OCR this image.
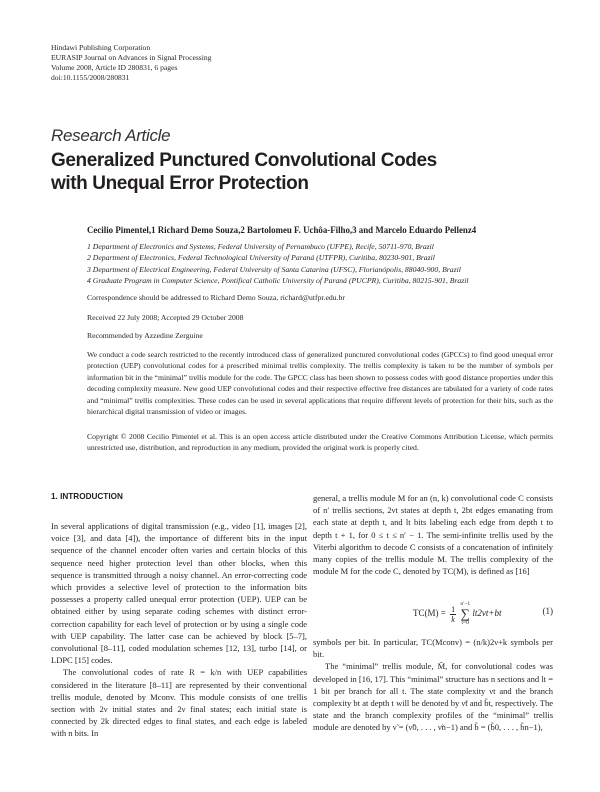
Hindawi Publishing Corporation
EURASIP Journal on Advances in Signal Processing
Volume 2008, Article ID 280831, 6 pages
doi:10.1155/2008/280831
Research Article
Generalized Punctured Convolutional Codes with Unequal Error Protection
Cecilio Pimentel,1 Richard Demo Souza,2 Bartolomeu F. Uchôa-Filho,3 and Marcelo Eduardo Pellenz4
1 Department of Electronics and Systems, Federal University of Pernambuco (UFPE), Recife, 50711-970, Brazil
2 Department of Electronics, Federal Technological University of Paraná (UTFPR), Curitiba, 80230-901, Brazil
3 Department of Electrical Engineering, Federal University of Santa Catarina (UFSC), Florianópolis, 88040-900, Brazil
4 Graduate Program in Computer Science, Pontifical Catholic University of Paraná (PUCPR), Curitiba, 80215-901, Brazil
Correspondence should be addressed to Richard Demo Souza, richard@utfpr.edu.br
Received 22 July 2008; Accepted 29 October 2008
Recommended by Azzedine Zerguine

We conduct a code search restricted to the recently introduced class of generalized punctured convolutional codes (GPCCs) to find good unequal error protection (UEP) convolutional codes for a prescribed minimal trellis complexity. The trellis complexity is taken to be the number of symbols per information bit in the “minimal” trellis module for the code. The GPCC class has been shown to possess codes with good distance properties under this decoding complexity measure. New good UEP convolutional codes and their respective effective free distances are tabulated for a variety of code rates and “minimal” trellis complexities. These codes can be used in several applications that require different levels of protection for their bits, such as the hierarchical digital transmission of video or images.

Copyright © 2008 Cecilio Pimentel et al. This is an open access article distributed under the Creative Commons Attribution License, which permits unrestricted use, distribution, and reproduction in any medium, provided the original work is properly cited.

1. INTRODUCTION

In several applications of digital transmission (e.g., video [1], images [2], voice [3], and data [4]), the importance of different bits in the input sequence of the channel encoder often varies and certain blocks of this sequence need higher protection level than other blocks, when this sequence is transmitted through a noisy channel. An error-correcting code which provides a selective level of protection to the information bits possesses a property called unequal error protection (UEP). UEP can be obtained either by using separate coding schemes with distinct error-correction capability for each level of protection or by using a single code with UEP capability. The latter case can be achieved by block [5–7], convolutional [8–11], coded modulation schemes [12, 13], turbo [14], or LDPC [15] codes.

The convolutional codes of rate R = k/n with UEP capabilities considered in the literature [8–11] are represented by their conventional trellis module, denoted by Mconv. This module consists of one trellis section with 2ν initial states and 2ν final states; each initial state is connected by 2k directed edges to final states, and each edge is labeled with n bits. In

general, a trellis module M for an (n, k) convolutional code C consists of n′ trellis sections, 2νt states at depth t, 2bt edges emanating from each state at depth t, and lt bits labeling each edge from depth t to depth t + 1, for 0 ≤ t ≤ n′ − 1. The semi-infinite trellis used by the Viterbi algorithm to decode C consists of a concatenation of infinitely many copies of the trellis module M. The trellis complexity of the module M for the code C, denoted by TC(M), is defined as [16]

$TC(M) = \frac{1}{k}$

n′−1
∑
t=0
lt2νt+bt	(1)

symbols per bit. In particular, TC(Mconv) = (n/k)2ν+k symbols per bit.

The “minimal” trellis module, M̃, for convolutional codes was developed in [16, 17]. This “minimal” structure has n sections and lt = 1 bit per branch for all t. The state complexity νt and the branch complexity bt at depth t will be denoted by ν̃t and b̃t, respectively. The state and the branch complexity profiles of the “minimal” trellis module are denoted by ν̃ = (ν̃0, . . . , ν̃n−1) and b̃ = (b̃0, . . . , b̃n−1),
